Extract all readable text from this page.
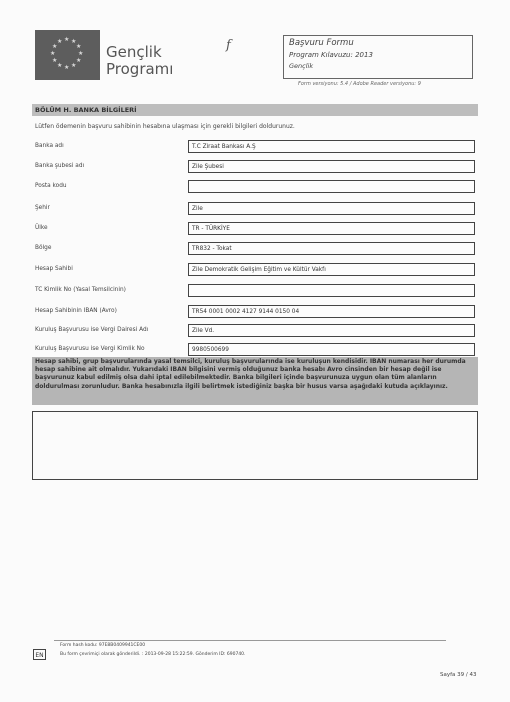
★ ★
★
★
★
★
★
★
★
★
★
★
Gençlik
Programı
f	Başvuru Formu
Program Kılavuzu: 2013
Gençlik
Form versiyonu: 5.4 / Adobe Reader versiyonu: 9
BÖLÜM H. BANKA BİLGİLERİ
Lütfen ödemenin başvuru sahibinin hesabına ulaşması için gerekli bilgileri doldurunuz.
Banka adı	T.C Ziraat Bankası A.Ş
Banka şubesi adı	Zile Şubesi
Posta kodu
Şehir	Zile
Ülke	TR - TÜRKİYE
Bölge	TR832 - Tokat
Hesap Sahibi	Zile Demokratik Gelişim Eğitim ve Kültür Vakfı
TC Kimlik No (Yasal Temsilcinin)
Hesap Sahibinin IBAN (Avro)	TR54 0001 0002 4127 9144 0150 04
Kuruluş Başvurusu ise Vergi Dairesi Adı	Zile Vd.
Kuruluş Başvurusu ise Vergi Kimlik No	9980500699
Hesap sahibi, grup başvurularında yasal temsilci, kuruluş başvurularında ise kuruluşun kendisidir. IBAN numarası her durumda hesap sahibine ait olmalıdır. Yukarıdaki IBAN bilgisini vermiş olduğunuz banka hesabı Avro cinsinden bir hesap değil ise başvurunuz kabul edilmiş olsa dahi iptal edilebilmektedir. Banka bilgileri içinde başvurunuza uygun olan tüm alanların doldurulması zorunludur. Banka hesabınızla ilgili belirtmek istediğiniz başka bir husus varsa aşağıdaki kutuda açıklayınız.
Form hash kodu: 97E8B0409941CE00
Bu form çevrimiçi olarak gönderildi. : 2013-09-28 15:22:59. Gönderim ID: 690740.
EN
Sayfa 39 / 43
